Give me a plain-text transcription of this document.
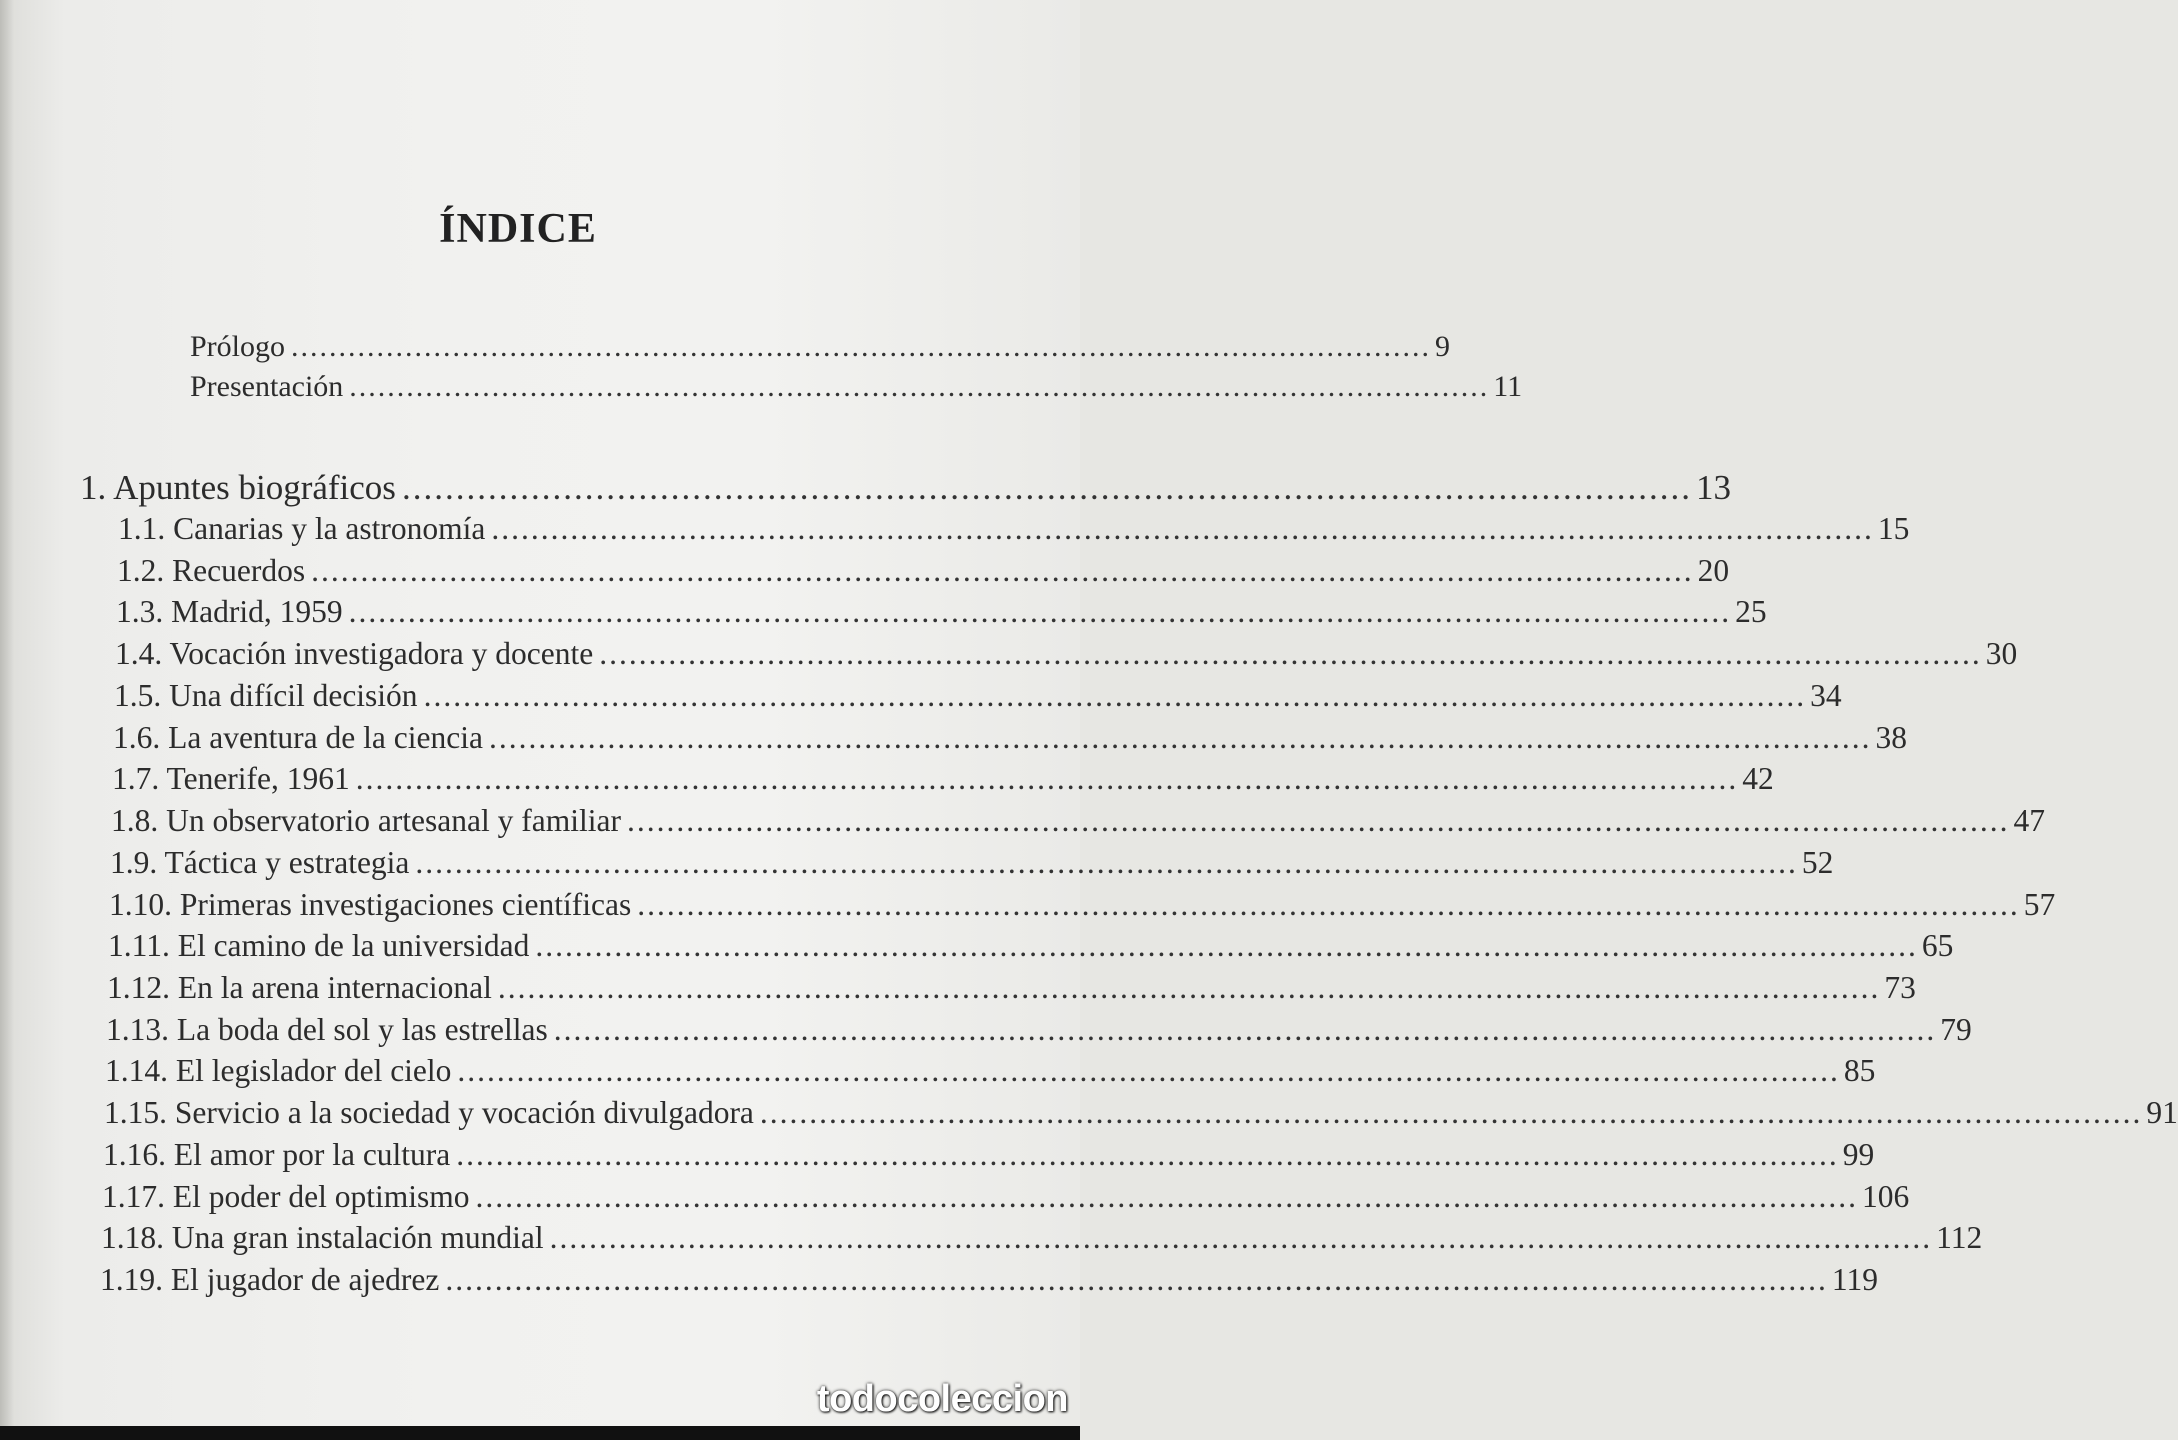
ÍNDICE
Prólogo ........................................................................................................................ 9
Presentación ........................................................................................................................ 11
1. Apuntes biográficos ........................................................................................................................ 13
1.1. Canarias y la astronomía ............................................................................................................................................ 15
1.2. Recuerdos ............................................................................................................................................ 20
1.3. Madrid, 1959 ............................................................................................................................................ 25
1.4. Vocación investigadora y docente ............................................................................................................................................ 30
1.5. Una difícil decisión ............................................................................................................................................ 34
1.6. La aventura de la ciencia ............................................................................................................................................ 38
1.7. Tenerife, 1961 ............................................................................................................................................ 42
1.8. Un observatorio artesanal y familiar ............................................................................................................................................ 47
1.9. Táctica y estrategia ............................................................................................................................................ 52
1.10. Primeras investigaciones científicas ............................................................................................................................................ 57
1.11. El camino de la universidad ............................................................................................................................................ 65
1.12. En la arena internacional ............................................................................................................................................ 73
1.13. La boda del sol y las estrellas ............................................................................................................................................ 79
1.14. El legislador del cielo ............................................................................................................................................ 85
1.15. Servicio a la sociedad y vocación divulgadora ............................................................................................................................................ 91
1.16. El amor por la cultura ............................................................................................................................................ 99
1.17. El poder del optimismo ............................................................................................................................................ 106
1.18. Una gran instalación mundial ............................................................................................................................................ 112
1.19. El jugador de ajedrez ............................................................................................................................................ 119
todocoleccion
